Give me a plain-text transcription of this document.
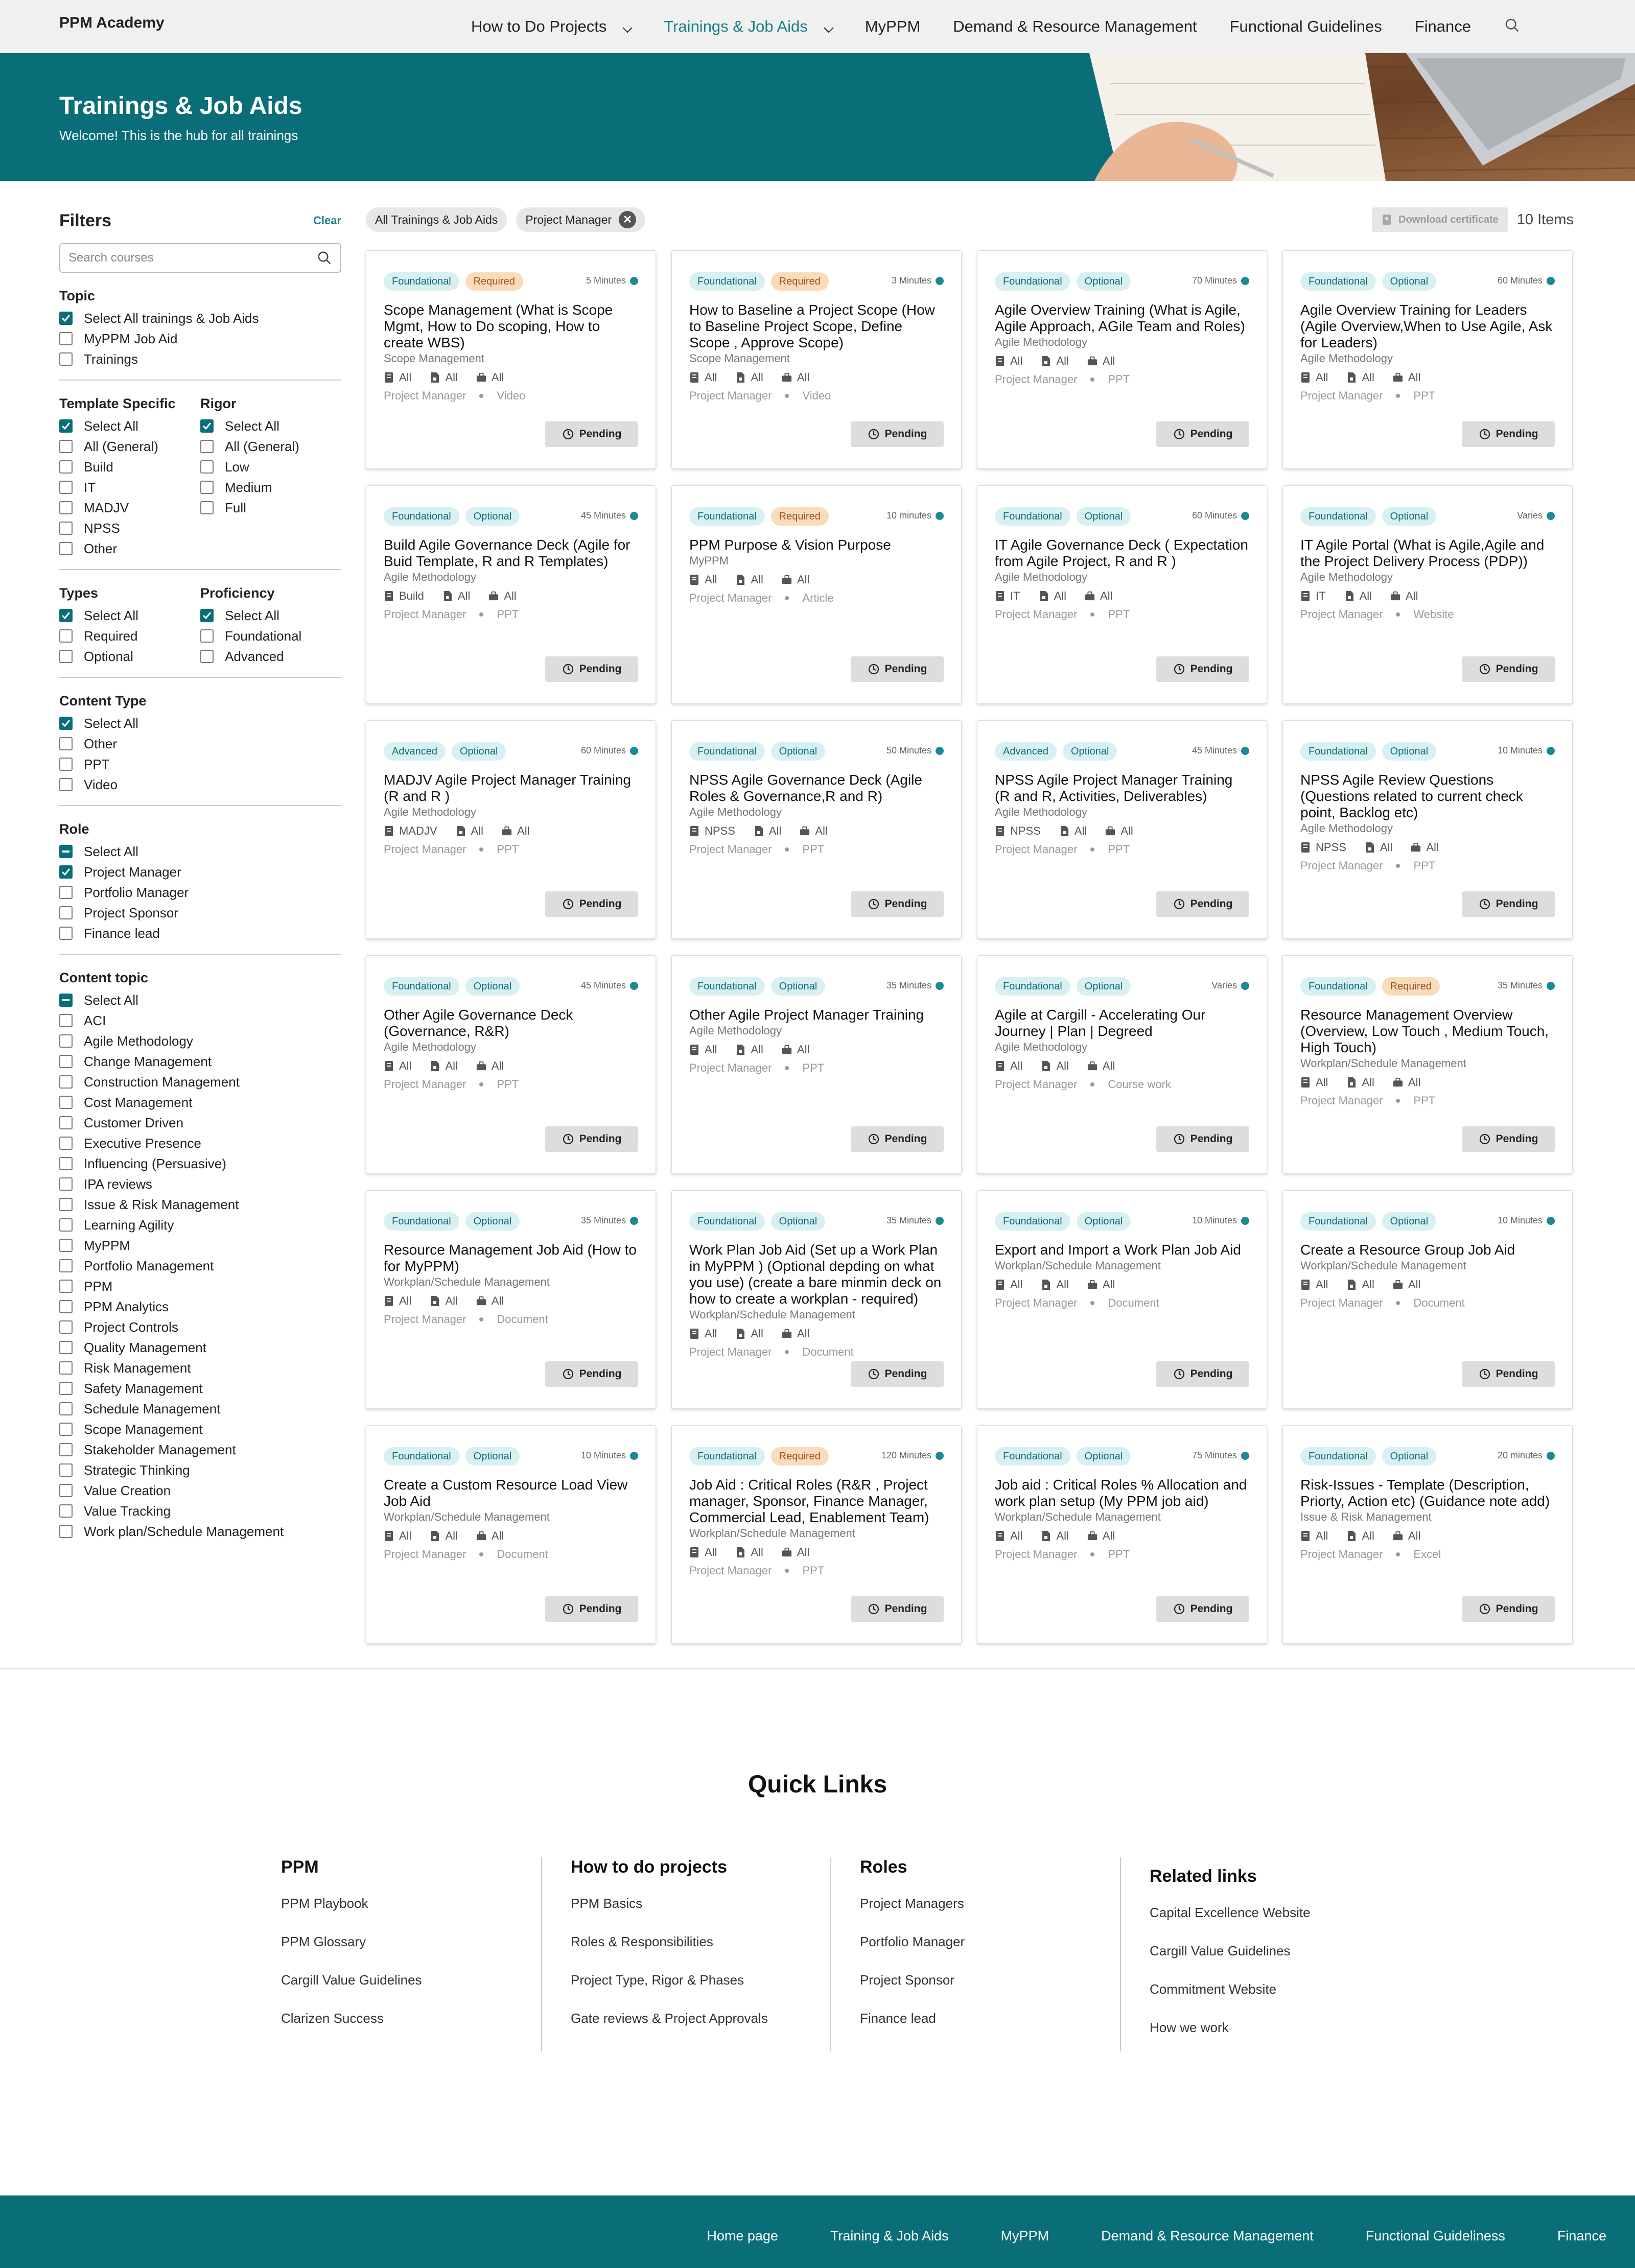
PPM Academy	How to Do Projects	Trainings & Job Aids	MyPPM Demand & Resource Management Functional Guidelines Finance
Trainings & Job Aids

Welcome! This is the hub for all trainings

Filters	Clear
Search courses
Topic
Select All trainings & Job Aids
MyPPM Job Aid
Trainings
Template Specific
Select All
All (General)
Build
IT
MADJV
NPSS
Other
Rigor
Select All
All (General)
Low
Medium
Full
Types
Select All
Required
Optional
Proficiency
Select All
Foundational
Advanced
Content Type
Select All
Other
PPT
Video
Role
Select All
Project Manager
Portfolio Manager
Project Sponsor
Finance lead
Content topic
Select All
ACI
Agile Methodology
Change Management
Construction Management
Cost Management
Customer Driven
Executive Presence
Influencing (Persuasive)
IPA reviews
Issue & Risk Management
Learning Agility
MyPPM
Portfolio Management
PPM
PPM Analytics
Project Controls
Quality Management
Risk Management
Safety Management
Schedule Management
Scope Management
Stakeholder Management
Strategic Thinking
Value Creation
Value Tracking
Work plan/Schedule Management
All Trainings & Job Aids Project Manager ✕	Download certificate 10 Items
Foundational	Required	5 Minutes
Scope Management (What is Scope Mgmt, How to Do scoping, How to create WBS)
Scope Management
All	All	All
Project Manager	Video
Pending
Foundational	Required	3 Minutes
How to Baseline a Project Scope (How to Baseline Project Scope, Define Scope , Approve Scope)
Scope Management
All	All	All
Project Manager	Video
Pending
Foundational	Optional	70 Minutes
Agile Overview Training (What is Agile, Agile Approach, AGile Team and Roles)
Agile Methodology
All	All	All
Project Manager	PPT
Pending
Foundational	Optional	60 Minutes
Agile Overview Training for Leaders (Agile Overview,When to Use Agile, Ask for Leaders)
Agile Methodology
All	All	All
Project Manager	PPT
Pending
Foundational	Optional	45 Minutes
Build Agile Governance Deck (Agile for Buid Template, R and R Templates)
Agile Methodology
Build	All	All
Project Manager	PPT
Pending
Foundational	Required	10 minutes
PPM Purpose & Vision Purpose
MyPPM
All	All	All
Project Manager	Article
Pending
Foundational	Optional	60 Minutes
IT Agile Governance Deck ( Expectation from Agile Project, R and R )
Agile Methodology
IT	All	All
Project Manager	PPT
Pending
Foundational	Optional	Varies
IT Agile Portal (What is Agile,Agile and the Project Delivery Process (PDP))
Agile Methodology
IT	All	All
Project Manager	Website
Pending
Advanced	Optional	60 Minutes
MADJV Agile Project Manager Training (R and R )
Agile Methodology
MADJV	All	All
Project Manager	PPT
Pending
Foundational	Optional	50 Minutes
NPSS Agile Governance Deck (Agile Roles & Governance,R and R)
Agile Methodology
NPSS	All	All
Project Manager	PPT
Pending
Advanced	Optional	45 Minutes
NPSS Agile Project Manager Training (R and R, Activities, Deliverables)
Agile Methodology
NPSS	All	All
Project Manager	PPT
Pending
Foundational	Optional	10 Minutes
NPSS Agile Review Questions (Questions related to current check point, Backlog etc)
Agile Methodology
NPSS	All	All
Project Manager	PPT
Pending
Foundational	Optional	45 Minutes
Other Agile Governance Deck (Governance, R&R)
Agile Methodology
All	All	All
Project Manager	PPT
Pending
Foundational	Optional	35 Minutes
Other Agile Project Manager Training
Agile Methodology
All	All	All
Project Manager	PPT
Pending
Foundational	Optional	Varies
Agile at Cargill - Accelerating Our Journey | Plan | Degreed
Agile Methodology
All	All	All
Project Manager	Course work
Pending
Foundational	Required	35 Minutes
Resource Management Overview (Overview, Low Touch , Medium Touch, High Touch)
Workplan/Schedule Management
All	All	All
Project Manager	PPT
Pending
Foundational	Optional	35 Minutes
Resource Management Job Aid (How to for MyPPM)
Workplan/Schedule Management
All	All	All
Project Manager	Document
Pending
Foundational	Optional	35 Minutes
Work Plan Job Aid (Set up a Work Plan in MyPPM ) (Optional depding on what you use) (create a bare minmin deck on how to create a workplan - required)
Workplan/Schedule Management
All	All	All
Project Manager	Document
Pending
Foundational	Optional	10 Minutes
Export and Import a Work Plan Job Aid
Workplan/Schedule Management
All	All	All
Project Manager	Document
Pending
Foundational	Optional	10 Minutes
Create a Resource Group Job Aid
Workplan/Schedule Management
All	All	All
Project Manager	Document
Pending
Foundational	Optional	10 Minutes
Create a Custom Resource Load View Job Aid
Workplan/Schedule Management
All	All	All
Project Manager	Document
Pending
Foundational	Required	120 Minutes
Job Aid : Critical Roles (R&R , Project manager, Sponsor, Finance Manager, Commercial Lead, Enablement Team)
Workplan/Schedule Management
All	All	All
Project Manager	PPT
Pending
Foundational	Optional	75 Minutes
Job aid : Critical Roles % Allocation and work plan setup (My PPM job aid)
Workplan/Schedule Management
All	All	All
Project Manager	PPT
Pending
Foundational	Optional	20 minutes
Risk-Issues - Template (Description, Priorty, Action etc) (Guidance note add)
Issue & Risk Management
All	All	All
Project Manager	Excel
Pending
Quick Links
PPM
PPM Playbook
PPM Glossary
Cargill Value Guidelines
Clarizen Success
How to do projects
PPM Basics
Roles & Responsibilities
Project Type, Rigor & Phases
Gate reviews & Project Approvals
Roles
Project Managers
Portfolio Manager
Project Sponsor
Finance lead
Related links
Capital Excellence Website
Cargill Value Guidelines
Commitment Website
How we work
Home page	Training & Job Aids	MyPPM	Demand & Resource Management	Functional Guideliness	Finance
